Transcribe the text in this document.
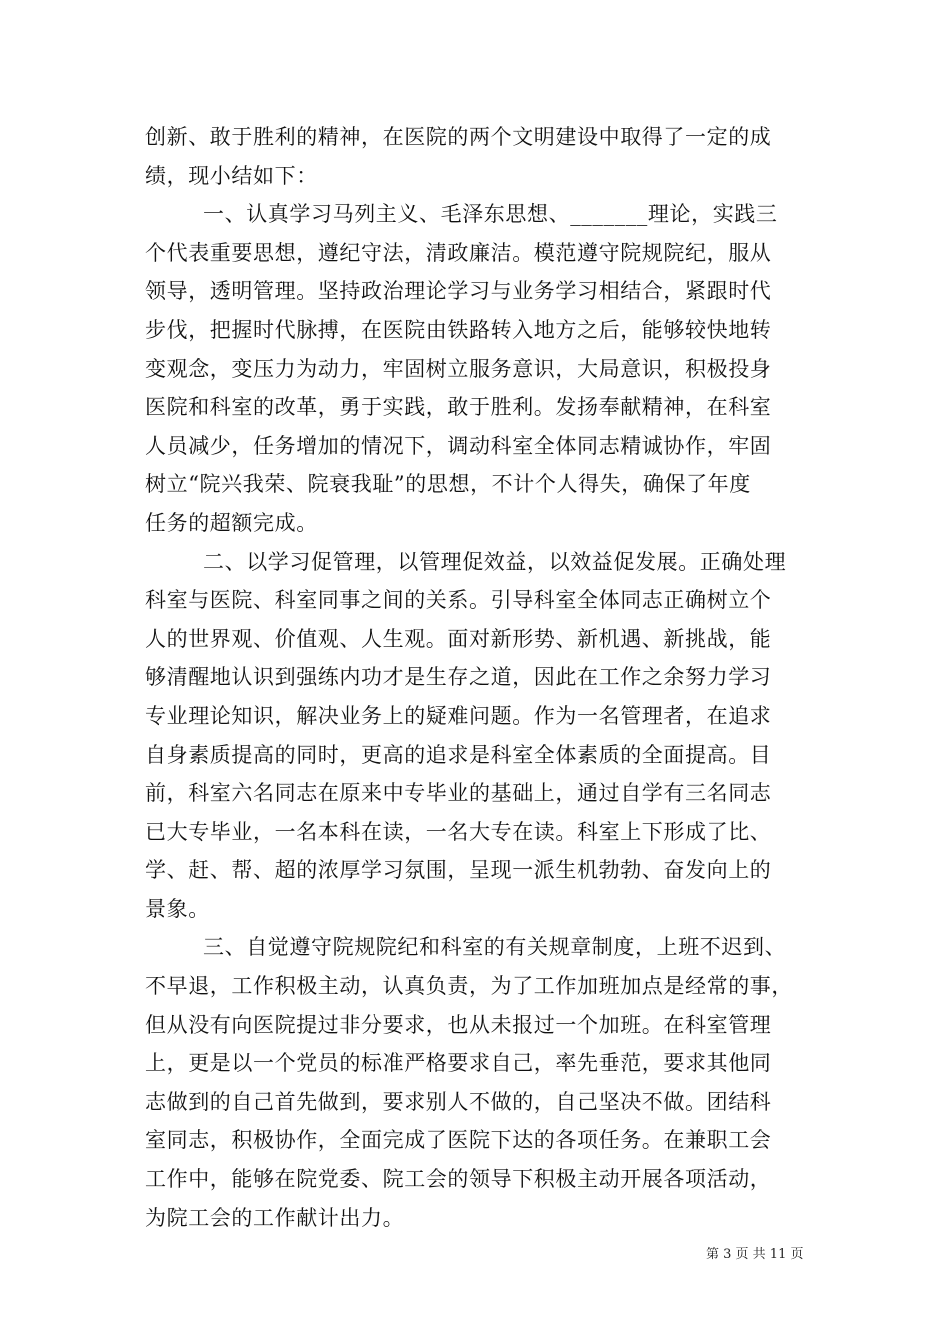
创新、敢于胜利的精神，在医院的两个文明建设中取得了一定的成
绩，现小结如下：
一、认真学习马列主义、毛泽东思想、_______理论，实践三
个代表重要思想，遵纪守法，清政廉洁。模范遵守院规院纪，服从
领导，透明管理。坚持政治理论学习与业务学习相结合，紧跟时代
步伐，把握时代脉搏，在医院由铁路转入地方之后，能够较快地转
变观念，变压力为动力，牢固树立服务意识，大局意识，积极投身
医院和科室的改革，勇于实践，敢于胜利。发扬奉献精神，在科室
人员减少，任务增加的情况下，调动科室全体同志精诚协作，牢固
树立“院兴我荣、院衰我耻”的思想，不计个人得失，确保了年度
任务的超额完成。
二、以学习促管理，以管理促效益，以效益促发展。正确处理
科室与医院、科室同事之间的关系。引导科室全体同志正确树立个
人的世界观、价值观、人生观。面对新形势、新机遇、新挑战，能
够清醒地认识到强练内功才是生存之道，因此在工作之余努力学习
专业理论知识，解决业务上的疑难问题。作为一名管理者，在追求
自身素质提高的同时，更高的追求是科室全体素质的全面提高。目
前，科室六名同志在原来中专毕业的基础上，通过自学有三名同志
已大专毕业，一名本科在读，一名大专在读。科室上下形成了比、
学、赶、帮、超的浓厚学习氛围，呈现一派生机勃勃、奋发向上的
景象。
三、自觉遵守院规院纪和科室的有关规章制度，上班不迟到、
不早退，工作积极主动，认真负责，为了工作加班加点是经常的事，
但从没有向医院提过非分要求，也从未报过一个加班。在科室管理
上，更是以一个党员的标准严格要求自己，率先垂范，要求其他同
志做到的自己首先做到，要求别人不做的，自己坚决不做。团结科
室同志，积极协作，全面完成了医院下达的各项任务。在兼职工会
工作中，能够在院党委、院工会的领导下积极主动开展各项活动，
为院工会的工作献计出力。
第 3 页 共 11 页
